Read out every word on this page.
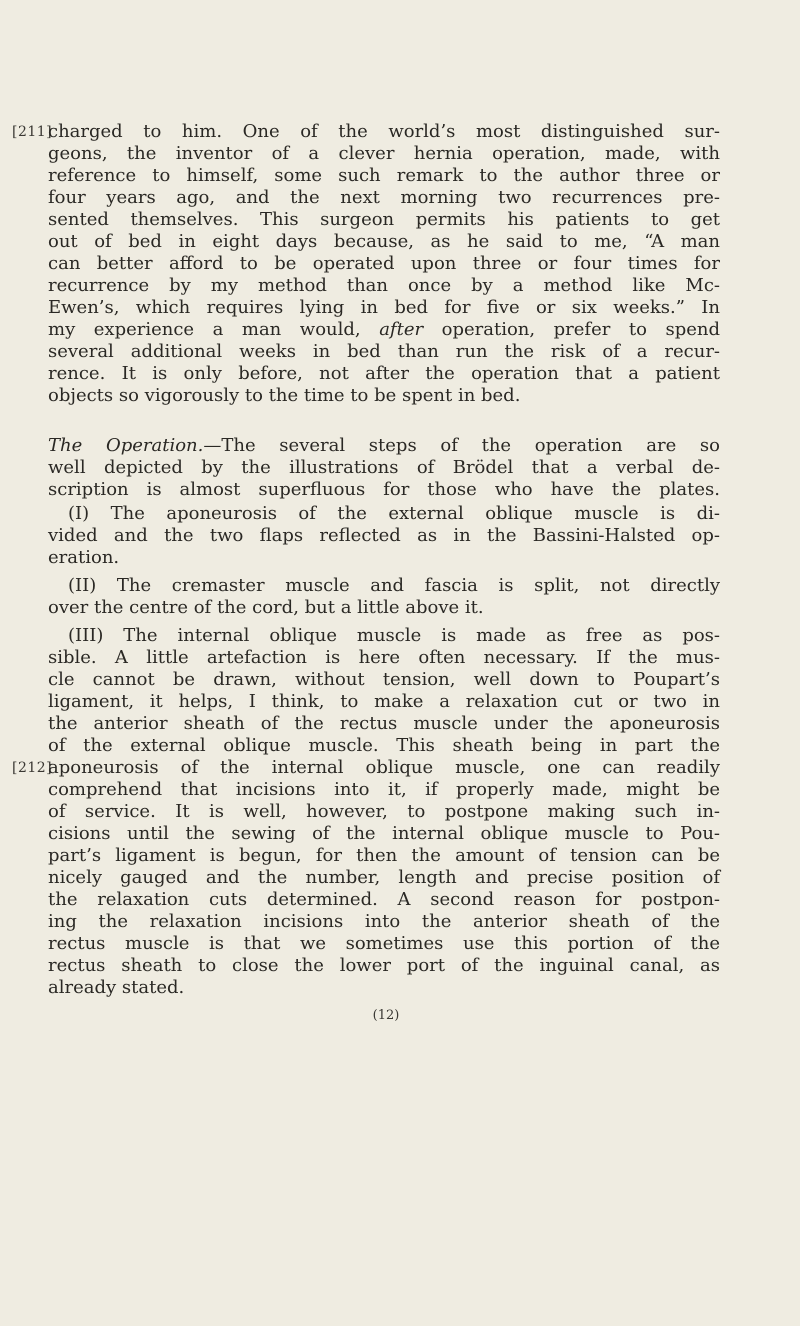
[211]
[212]
charged to him. One of the world’s most distinguished sur-
geons, the inventor of a clever hernia operation, made, with
reference to himself, some such remark to the author three or
four years ago, and the next morning two recurrences pre-
sented themselves. This surgeon permits his patients to get
out of bed in eight days because, as he said to me, “A man
can better afford to be operated upon three or four times for
recurrence by my method than once by a method like Mc-
Ewen’s, which requires lying in bed for five or six weeks.” In
my experience a man would, after operation, prefer to spend
several additional weeks in bed than run the risk of a recur-
rence. It is only before, not after the operation that a patient
objects so vigorously to the time to be spent in bed.
The Operation.—The several steps of the operation are so
well depicted by the illustrations of Brödel that a verbal de-
scription is almost superfluous for those who have the plates.
(I) The aponeurosis of the external oblique muscle is di-
vided and the two flaps reflected as in the Bassini-Halsted op-
eration.
(II) The cremaster muscle and fascia is split, not directly
over the centre of the cord, but a little above it.
(III) The internal oblique muscle is made as free as pos-
sible. A little artefaction is here often necessary. If the mus-
cle cannot be drawn, without tension, well down to Poupart’s
ligament, it helps, I think, to make a relaxation cut or two in
the anterior sheath of the rectus muscle under the aponeurosis
of the external oblique muscle. This sheath being in part the
aponeurosis of the internal oblique muscle, one can readily
comprehend that incisions into it, if properly made, might be
of service. It is well, however, to postpone making such in-
cisions until the sewing of the internal oblique muscle to Pou-
part’s ligament is begun, for then the amount of tension can be
nicely gauged and the number, length and precise position of
the relaxation cuts determined. A second reason for postpon-
ing the relaxation incisions into the anterior sheath of the
rectus muscle is that we sometimes use this portion of the
rectus sheath to close the lower port of the inguinal canal, as
already stated.
(12)
